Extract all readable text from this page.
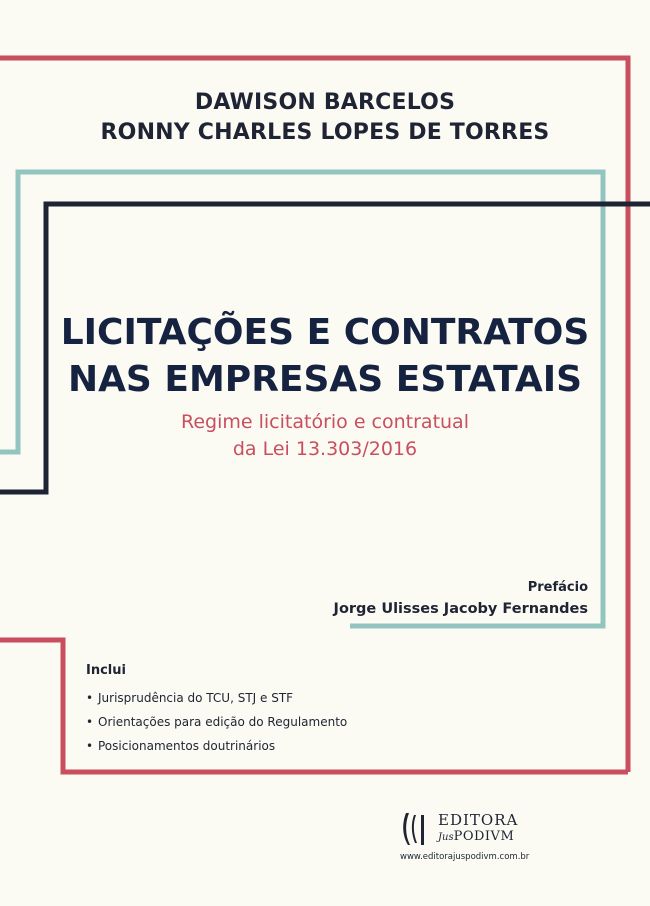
DAWISON BARCELOS
RONNY CHARLES LOPES DE TORRES
LICITAÇÕES E CONTRATOS
NAS EMPRESAS ESTATAIS
Regime licitatório e contratual
da Lei 13.303/2016
Prefácio
Jorge Ulisses Jacoby Fernandes
Inclui
• Jurisprudência do TCU, STJ e STF
• Orientações para edição do Regulamento
• Posicionamentos doutrinários
EDITORA
JusPODIVM
www.editorajuspodivm.com.br
